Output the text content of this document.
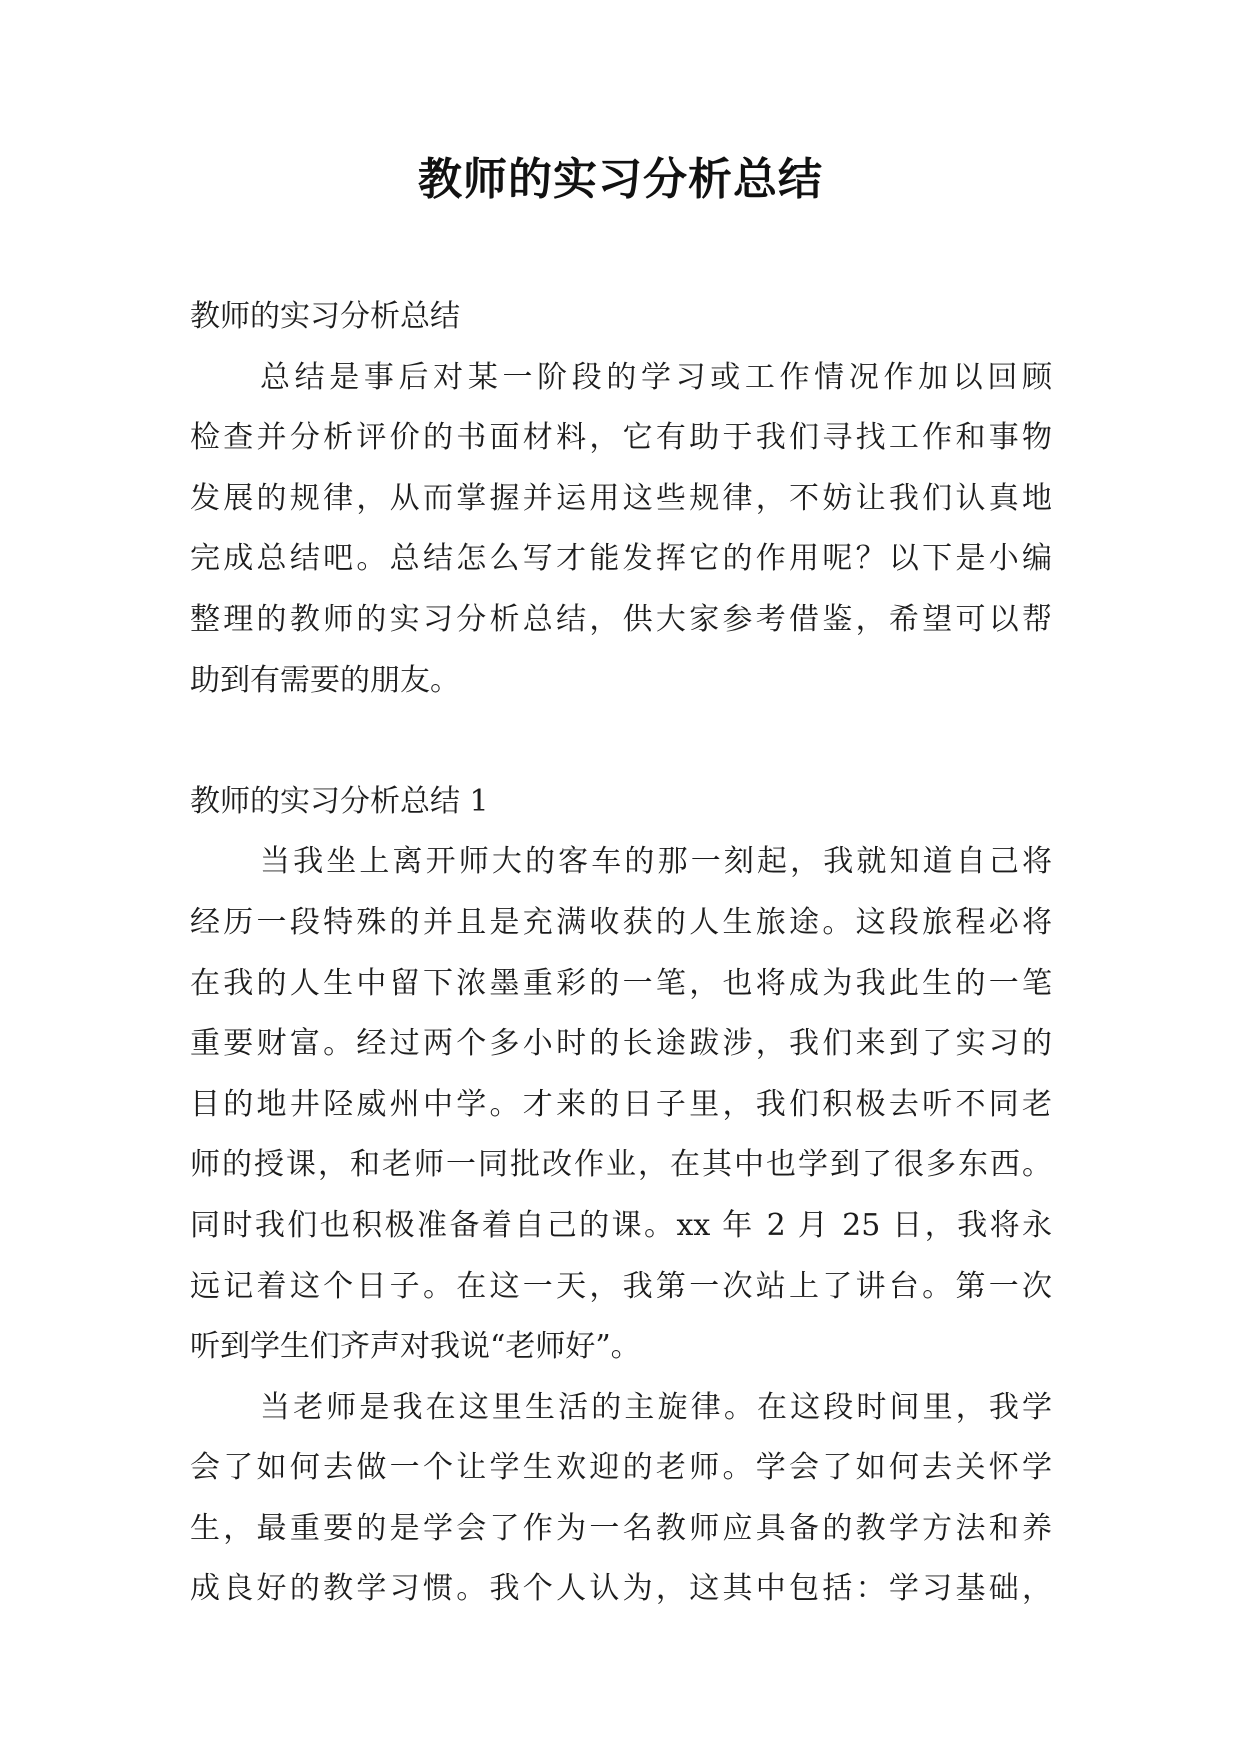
教师的实习分析总结
教师的实习分析总结
总结是事后对某一阶段的学习或工作情况作加以回顾
检查并分析评价的书面材料，它有助于我们寻找工作和事物
发展的规律，从而掌握并运用这些规律，不妨让我们认真地
完成总结吧。总结怎么写才能发挥它的作用呢？以下是小编
整理的教师的实习分析总结，供大家参考借鉴，希望可以帮
助到有需要的朋友。
教师的实习分析总结 1
当我坐上离开师大的客车的那一刻起，我就知道自己将
经历一段特殊的并且是充满收获的人生旅途。这段旅程必将
在我的人生中留下浓墨重彩的一笔，也将成为我此生的一笔
重要财富。经过两个多小时的长途跋涉，我们来到了实习的
目的地井陉威州中学。才来的日子里，我们积极去听不同老
师的授课，和老师一同批改作业，在其中也学到了很多东西。
同时我们也积极准备着自己的课。xx 年 2 月 25 日，我将永
远记着这个日子。在这一天，我第一次站上了讲台。第一次
听到学生们齐声对我说“老师好”。
当老师是我在这里生活的主旋律。在这段时间里，我学
会了如何去做一个让学生欢迎的老师。学会了如何去关怀学
生，最重要的是学会了作为一名教师应具备的教学方法和养
成良好的教学习惯。我个人认为，这其中包括：学习基础，
